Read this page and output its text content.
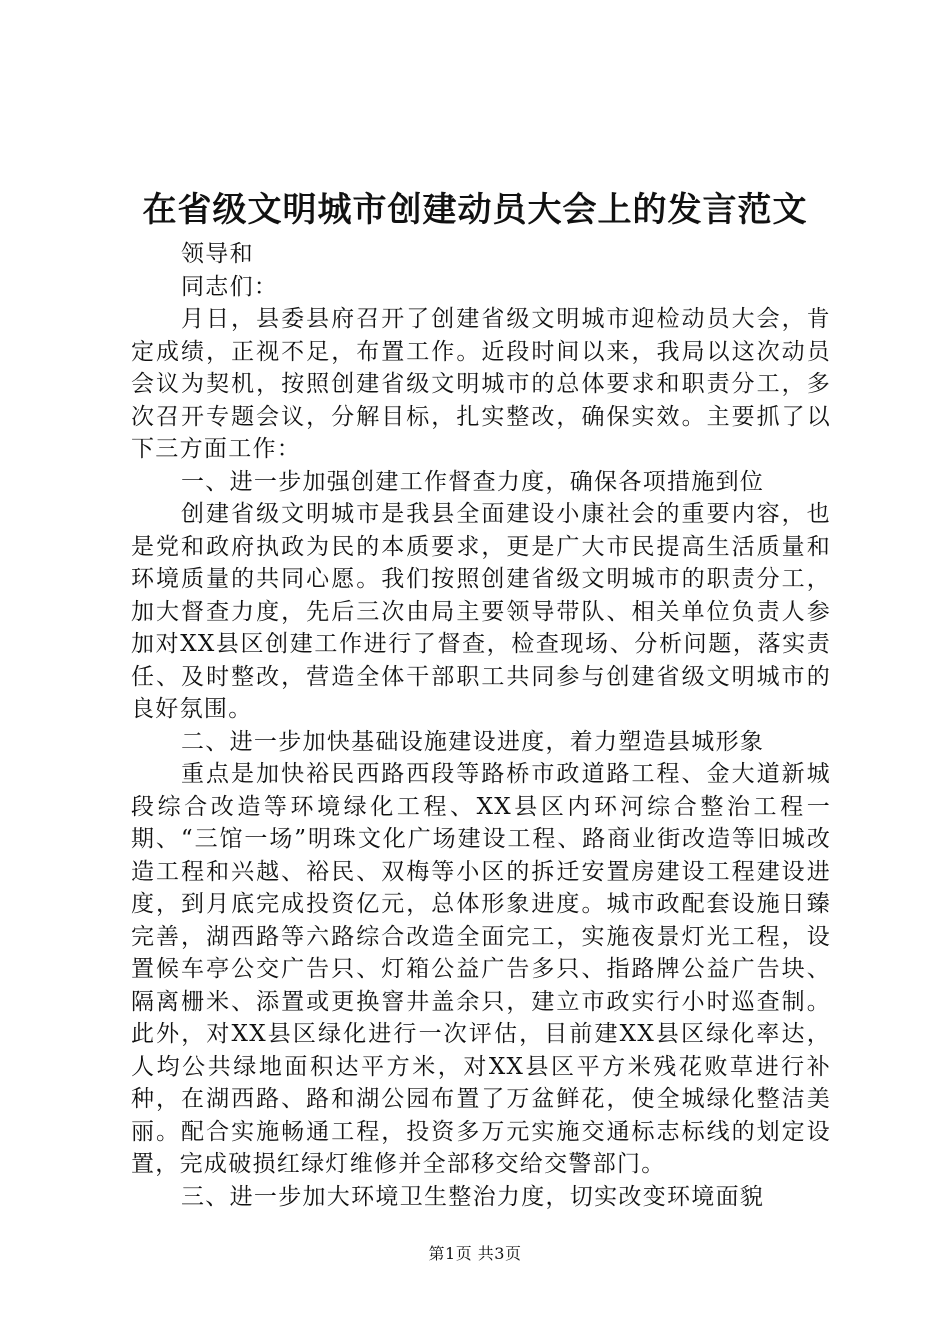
在省级文明城市创建动员大会上的发言范文

领导和

同志们：

月日，县委县府召开了创建省级文明城市迎检动员大会，肯定成绩，正视不足，布置工作。近段时间以来，我局以这次动员会议为契机，按照创建省级文明城市的总体要求和职责分工，多次召开专题会议，分解目标，扎实整改，确保实效。主要抓了以下三方面工作：

一、进一步加强创建工作督查力度，确保各项措施到位

创建省级文明城市是我县全面建设小康社会的重要内容，也是党和政府执政为民的本质要求，更是广大市民提高生活质量和环境质量的共同心愿。我们按照创建省级文明城市的职责分工，加大督查力度，先后三次由局主要领导带队、相关单位负责人参加对XX县区创建工作进行了督查，检查现场、分析问题，落实责任、及时整改，营造全体干部职工共同参与创建省级文明城市的良好氛围。

二、进一步加快基础设施建设进度，着力塑造县城形象

重点是加快裕民西路西段等路桥市政道路工程、金大道新城段综合改造等环境绿化工程、XX县区内环河综合整治工程一期、“三馆一场”明珠文化广场建设工程、路商业街改造等旧城改造工程和兴越、裕民、双梅等小区的拆迁安置房建设工程建设进度，到月底完成投资亿元，总体形象进度。城市政配套设施日臻完善，湖西路等六路综合改造全面完工，实施夜景灯光工程，设置候车亭公交广告只、灯箱公益广告多只、指路牌公益广告块、隔离栅米、添置或更换窨井盖余只，建立市政实行小时巡查制。此外，对XX县区绿化进行一次评估，目前建XX县区绿化率达，人均公共绿地面积达平方米，对XX县区平方米残花败草进行补种，在湖西路、路和湖公园布置了万盆鲜花，使全城绿化整洁美丽。配合实施畅通工程，投资多万元实施交通标志标线的划定设置，完成破损红绿灯维修并全部移交给交警部门。

三、进一步加大环境卫生整治力度，切实改变环境面貌

第1页 共3页
